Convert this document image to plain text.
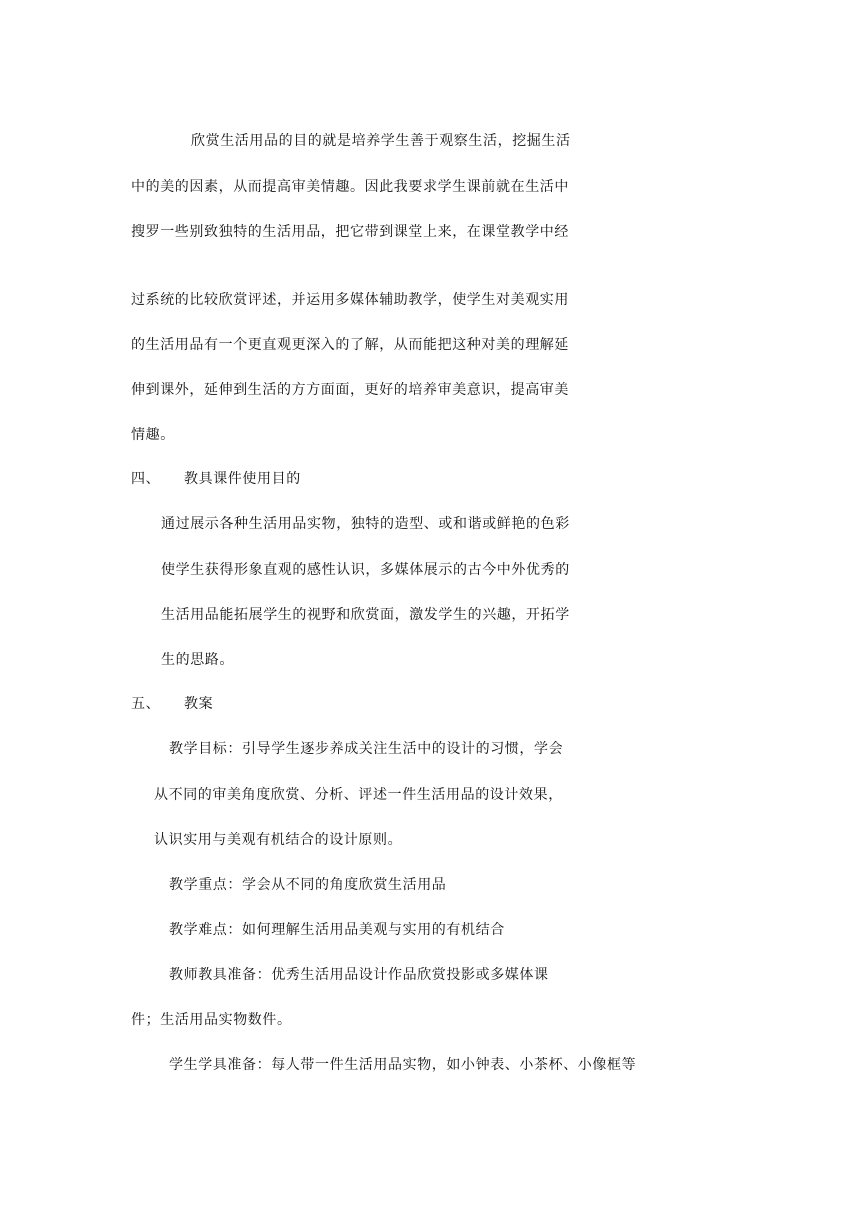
欣赏生活用品的目的就是培养学生善于观察生活，挖掘生活
中的美的因素，从而提高审美情趣。因此我要求学生课前就在生活中
搜罗一些别致独特的生活用品，把它带到课堂上来，在课堂教学中经
过系统的比较欣赏评述，并运用多媒体辅助教学，使学生对美观实用
的生活用品有一个更直观更深入的了解，从而能把这种对美的理解延
伸到课外，延伸到生活的方方面面，更好的培养审美意识，提高审美
情趣。
四、 教具课件使用目的
通过展示各种生活用品实物，独特的造型、或和谐或鲜艳的色彩
使学生获得形象直观的感性认识，多媒体展示的古今中外优秀的
生活用品能拓展学生的视野和欣赏面，激发学生的兴趣，开拓学
生的思路。
五、 教案
教学目标：引导学生逐步养成关注生活中的设计的习惯，学会
从不同的审美角度欣赏、分析、评述一件生活用品的设计效果，
认识实用与美观有机结合的设计原则。
教学重点：学会从不同的角度欣赏生活用品
教学难点：如何理解生活用品美观与实用的有机结合
教师教具准备：优秀生活用品设计作品欣赏投影或多媒体课
件；生活用品实物数件。
学生学具准备：每人带一件生活用品实物，如小钟表、小茶杯、小像框等
